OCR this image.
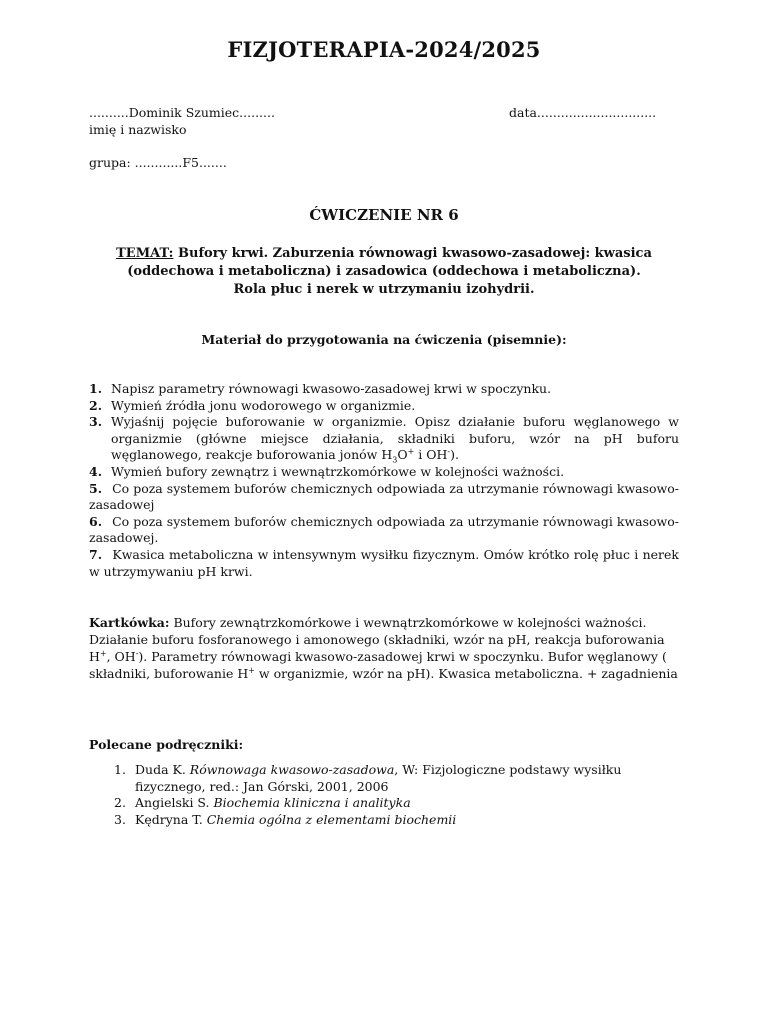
FIZJOTERAPIA-2024/2025
..........Dominik Szumiec.........
imię i nazwisko
data..............................
grupa: ............F5.......
ĆWICZENIE NR 6
TEMAT: Bufory krwi. Zaburzenia równowagi kwasowo-zasadowej: kwasica
(oddechowa i metaboliczna) i zasadowica (oddechowa i metaboliczna).
Rola płuc i nerek w utrzymaniu izohydrii.
Materiał do przygotowania na ćwiczenia (pisemnie):
1. Napisz parametry równowagi kwasowo-zasadowej krwi w spoczynku.
2. Wymień źródła jonu wodorowego w organizmie.
3. Wyjaśnij pojęcie buforowanie w organizmie. Opisz działanie buforu węglanowego w organizmie (główne miejsce działania, składniki buforu, wzór na pH buforu węglanowego, reakcje buforowania jonów $H_3O^+$ i OH-).
4. Wymień bufory zewnątrz i wewnątrzkomórkowe w kolejności ważności.
5. Co poza systemem buforów chemicznych odpowiada za utrzymanie równowagi kwasowo-zasadowej
6. Co poza systemem buforów chemicznych odpowiada za utrzymanie równowagi kwasowo-zasadowej.
7. Kwasica metaboliczna w intensywnym wysiłku fizycznym. Omów krótko rolę płuc i nerek w utrzymywaniu pH krwi.
Kartkówka: Bufory zewnątrzkomórkowe i wewnątrzkomórkowe w kolejności ważności. Działanie buforu fosforanowego i amonowego (składniki, wzór na pH, reakcja buforowania H+, OH-). Parametry równowagi kwasowo-zasadowej krwi w spoczynku. Bufor węglanowy ( składniki, buforowanie H+ w organizmie, wzór na pH). Kwasica metaboliczna. + zagadnienia
Polecane podręczniki:
1. Duda K. Równowaga kwasowo-zasadowa, W: Fizjologiczne podstawy wysiłku fizycznego, red.: Jan Górski, 2001, 2006
2. Angielski S. Biochemia kliniczna i analityka
3. Kędryna T. Chemia ogólna z elementami biochemii
